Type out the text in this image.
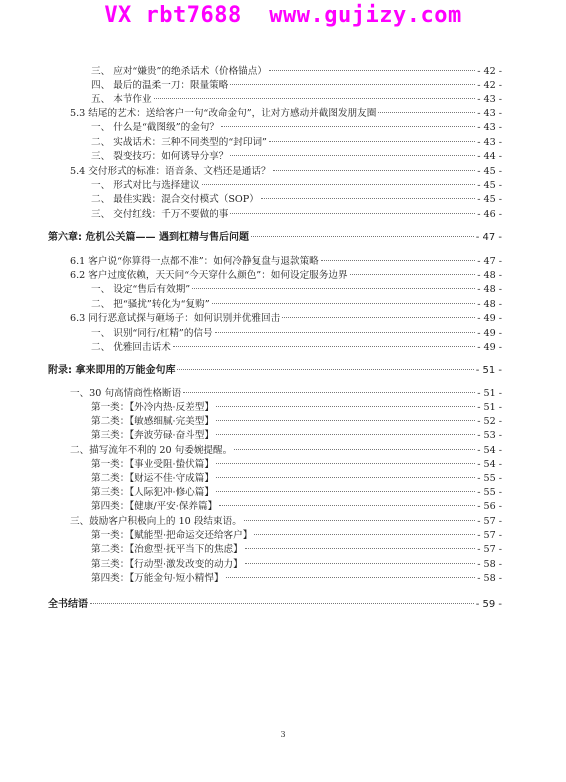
VX rbt7688  www.gujizy.com
三、 应对“嫌贵”的绝杀话术（价格锚点）	- 42 -
四、 最后的温柔一刀：限量策略	- 42 -
五、 本节作业	- 43 -
5.3 结尾的艺术：送给客户一句“改命金句”，让对方感动并截图发朋友圈	- 43 -
一、 什么是“截图级”的金句？	- 43 -
二、 实战话术：三种不同类型的“封印词”	- 43 -
三、 裂变技巧：如何诱导分享？	- 44 -
5.4 交付形式的标准：语音条、文档还是通话？	- 45 -
一、 形式对比与选择建议	- 45 -
二、 最佳实践：混合交付模式（SOP）	- 45 -
三、 交付红线：千万不要做的事	- 46 -
第六章: 危机公关篇—— 遇到杠精与售后问题	- 47 -
6.1 客户说“你算得一点都不准”：如何冷静复盘与退款策略	- 47 -
6.2 客户过度依赖，天天问“今天穿什么颜色”：如何设定服务边界	- 48 -
一、 设定“售后有效期”	- 48 -
二、 把“骚扰”转化为“复购”	- 48 -
6.3 同行恶意试探与砸场子：如何识别并优雅回击	- 49 -
一、 识别“同行/杠精”的信号	- 49 -
二、 优雅回击话术	- 49 -
附录: 拿来即用的万能金句库	- 51 -
一、30 句高情商性格断语	- 51 -
第一类：【外冷内热·反差型】	- 51 -
第二类：【敏感细腻·完美型】	- 52 -
第三类：【奔波劳碌·奋斗型】	- 53 -
二、描写流年不利的 20 句委婉提醒。	- 54 -
第一类：【事业受阻·蛰伏篇】	- 54 -
第二类：【财运不佳·守成篇】	- 55 -
第三类：【人际犯冲·修心篇】	- 55 -
第四类：【健康/平安·保养篇】	- 56 -
三、鼓励客户积极向上的 10 段结束语。	- 57 -
第一类：【赋能型·把命运交还给客户】	- 57 -
第二类：【治愈型·抚平当下的焦虑】	- 57 -
第三类：【行动型·激发改变的动力】	- 58 -
第四类：【万能金句·短小精悍】	- 58 -
全书结语	- 59 -
3
